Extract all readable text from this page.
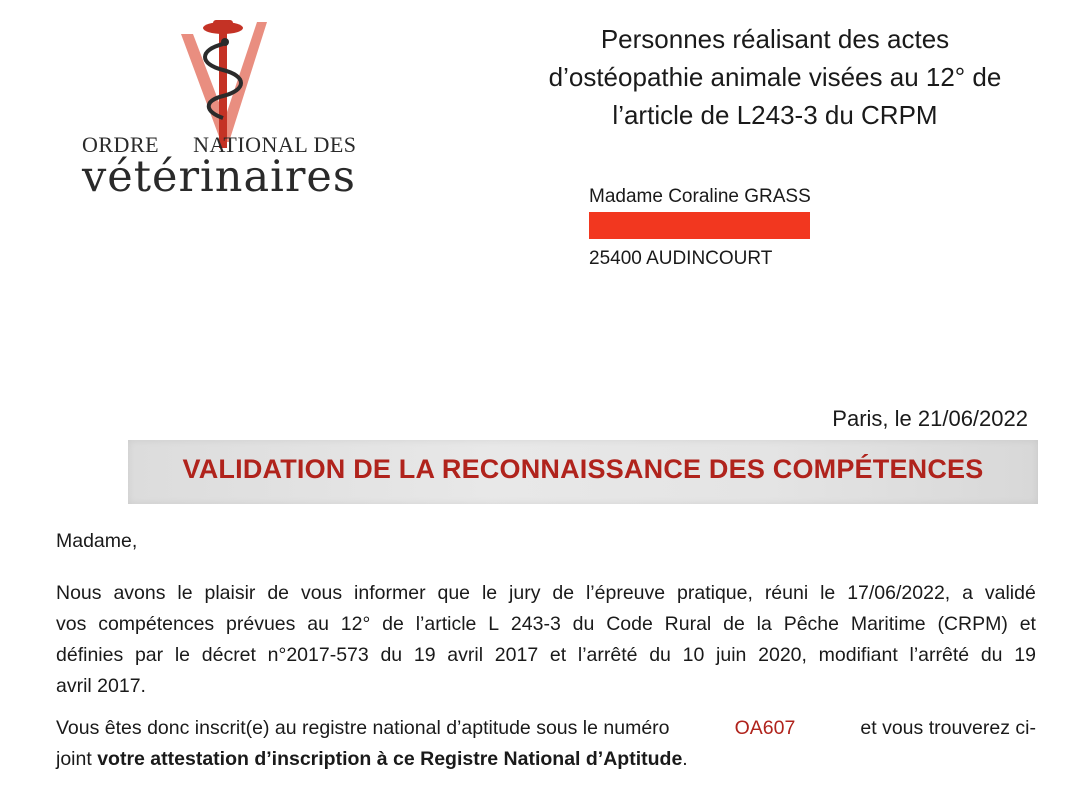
ORDRE NATIONAL DES
vétérinaires
Personnes réalisant des actes
d’ostéopathie animale visées au 12° de
l’article de L243-3 du CRPM
Madame Coraline GRASS
25400 AUDINCOURT
Paris, le 21/06/2022
VALIDATION DE LA RECONNAISSANCE DES COMPÉTENCES
Madame,
Nous avons le plaisir de vous informer que le jury de l’épreuve pratique, réuni le 17/06/2022, a validé
vos compétences prévues au 12° de l’article L 243-3 du Code Rural de la Pêche Maritime (CRPM) et
définies par le décret n°2017-573 du 19 avril 2017 et l’arrêté du 10 juin 2020, modifiant l’arrêté du 19
avril 2017.
Vous êtes donc inscrit(e) au registre national d’aptitude sous le numéro	OA607	et vous trouverez ci-
joint votre attestation d’inscription à ce Registre National d’Aptitude.
